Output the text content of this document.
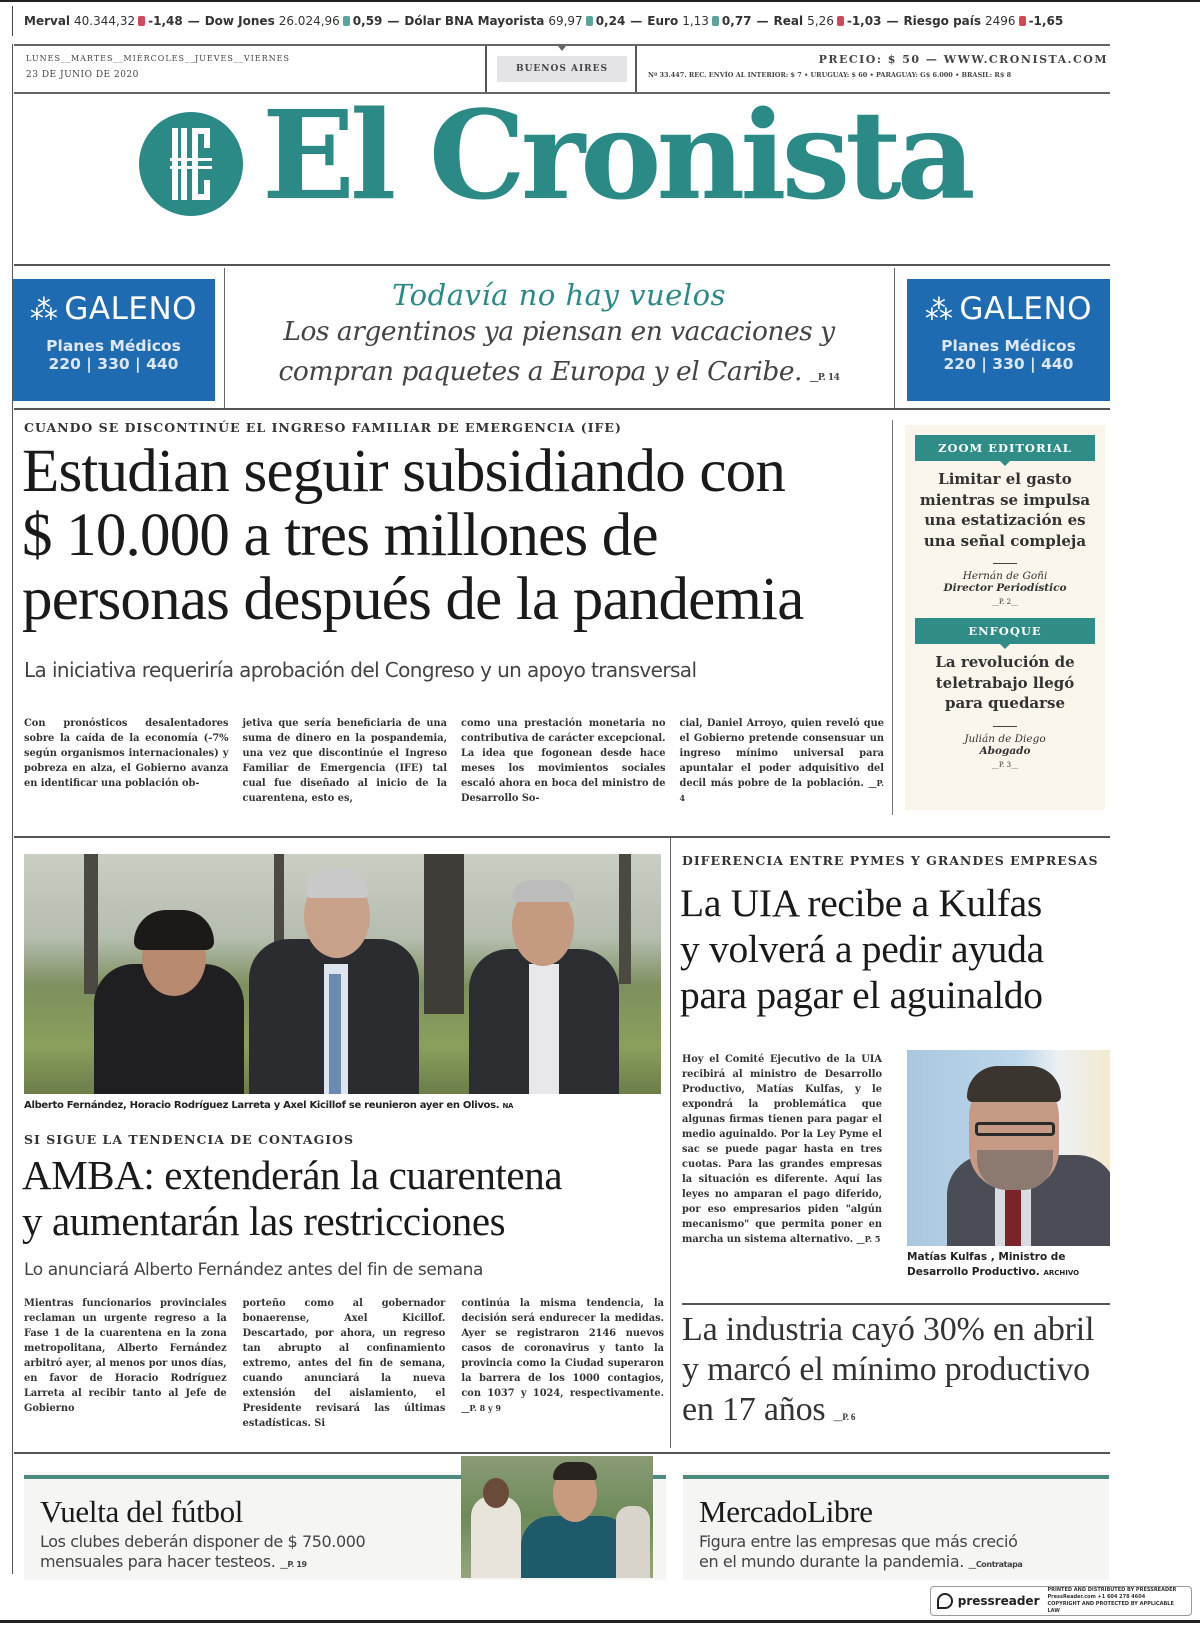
Merval 40.344,32 -1,48 — Dow Jones 26.024,96 0,59 — Dólar BNA Mayorista 69,97 0,24 — Euro 1,13 0,77 — Real 5,26 -1,03 — Riesgo país 2496 -1,65
LUNES__MARTES__MIÉRCOLES__JUEVES__VIERNES
23 DE JUNIO DE 2020
BUENOS AIRES
PRECIO: $ 50 — WWW.CRONISTA.COM
Nº 33.447. REC. ENVÍO AL INTERIOR: $ 7 • URUGUAY: $ 60 • PARAGUAY: G$ 6.000 • BRASIL: R$ 8
El Cronista
⁂ GALENO
Planes Médicos
220 | 330 | 440
⁂ GALENO
Planes Médicos
220 | 330 | 440
Todavía no hay vuelos
Los argentinos ya piensan en vacaciones y
compran paquetes a Europa y el Caribe. __P. 14
CUANDO SE DISCONTINÚE EL INGRESO FAMILIAR DE EMERGENCIA (IFE)
Estudian seguir subsidiando con
$ 10.000 a tres millones de
personas después de la pandemia
La iniciativa requeriría aprobación del Congreso y un apoyo transversal
Con pronósticos desalentadores sobre la caída de la economía (-7% según organismos internacionales) y pobreza en alza, el Gobierno avanza en identificar una población ob-
jetiva que sería beneficiaria de una suma de dinero en la pospandemia, una vez que discontinúe el Ingreso Familiar de Emergencia (IFE) tal cual fue diseñado al inicio de la cuarentena, esto es,
como una prestación monetaria no contributiva de carácter excepcional. La idea que fogonean desde hace meses los movimientos sociales escaló ahora en boca del ministro de Desarrollo So-
cial, Daniel Arroyo, quien reveló que el Gobierno pretende consensuar un ingreso mínimo universal para apuntalar el poder adquisitivo del decil más pobre de la población. __P. 4
ZOOM EDITORIAL
Limitar el gasto mientras se impulsa una estatización es una señal compleja
Hernán de Goñi
Director Periodístico
__P. 2__
ENFOQUE
La revolución de teletrabajo llegó para quedarse
Julián de Diego
Abogado
__P. 3__
Alberto Fernández, Horacio Rodríguez Larreta y Axel Kicillof se reunieron ayer en Olivos. NA
SI SIGUE LA TENDENCIA DE CONTAGIOS
AMBA: extenderán la cuarentena
y aumentarán las restricciones
Lo anunciará Alberto Fernández antes del fin de semana
Mientras funcionarios provinciales reclaman un urgente regreso a la Fase 1 de la cuarentena en la zona metropolitana, Alberto Fernández arbitró ayer, al menos por unos días, en favor de Horacio Rodríguez Larreta al recibir tanto al Jefe de Gobierno
porteño como al gobernador bonaerense, Axel Kicillof. Descartado, por ahora, un regreso tan abrupto al confinamiento extremo, antes del fin de semana, cuando anunciará la nueva extensión del aislamiento, el Presidente revisará las últimas estadísticas. Si
continúa la misma tendencia, la decisión será endurecer la medidas. Ayer se registraron 2146 nuevos casos de coronavirus y tanto la provincia como la Ciudad superaron la barrera de los 1000 contagios, con 1037 y 1024, respectivamente. __P. 8 y 9
DIFERENCIA ENTRE PYMES Y GRANDES EMPRESAS
La UIA recibe a Kulfas
y volverá a pedir ayuda
para pagar el aguinaldo
Hoy el Comité Ejecutivo de la UIA recibirá al ministro de Desarrollo Productivo, Matías Kulfas, y le expondrá la problemática que algunas firmas tienen para pagar el medio aguinaldo. Por la Ley Pyme el sac se puede pagar hasta en tres cuotas. Para las grandes empresas la situación es diferente. Aquí las leyes no amparan el pago diferido, por eso empresarios piden "algún mecanismo" que permita poner en marcha un sistema alternativo. __P. 5
Matías Kulfas , Ministro de Desarrollo Productivo. ARCHIVO
La industria cayó 30% en abril y marcó el mínimo productivo en 17 años __P. 6
Vuelta del fútbol
Los clubes deberán disponer de $ 750.000
mensuales para hacer testeos. __P. 19
MercadoLibre
Figura entre las empresas que más creció
en el mundo durante la pandemia. __Contratapa
pressreader
PRINTED AND DISTRIBUTED BY PRESSREADER
PressReader.com +1 604 278 4604
COPYRIGHT AND PROTECTED BY APPLICABLE LAW
